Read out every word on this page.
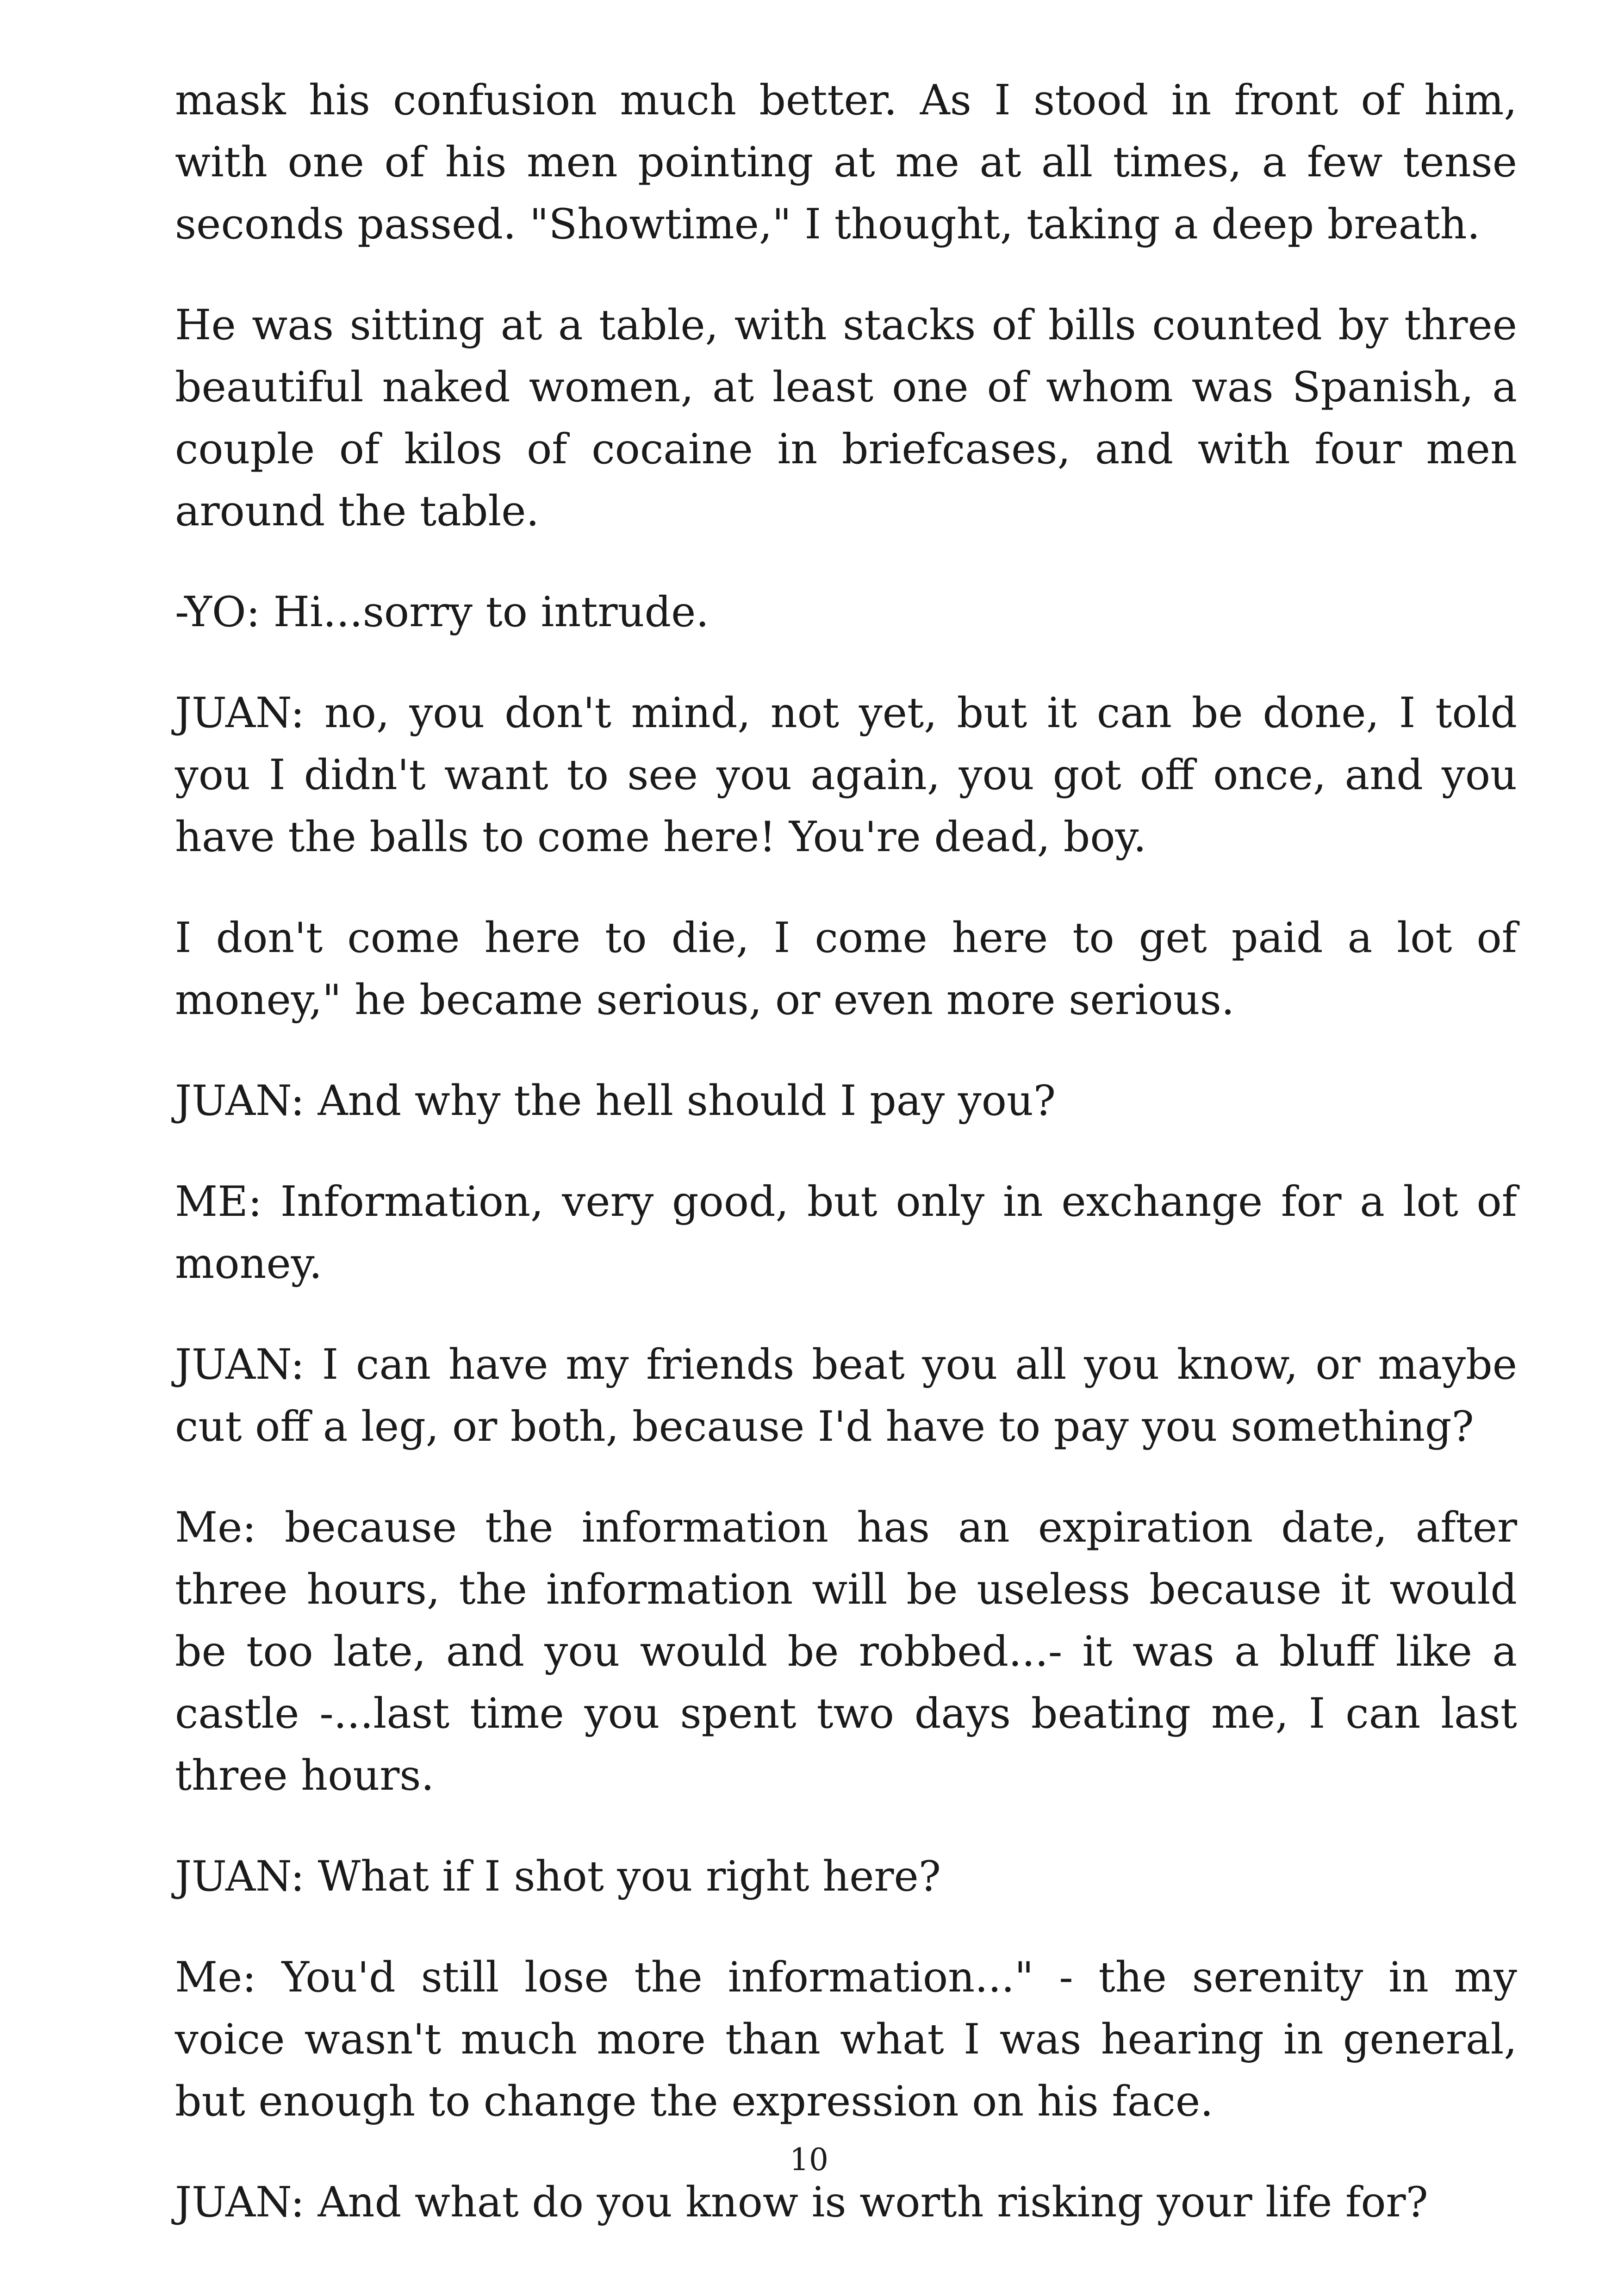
mask his confusion much better. As I stood in front of him, with one of his men pointing at me at all times, a few tense seconds passed. "Showtime," I thought, taking a deep breath.

He was sitting at a table, with stacks of bills counted by three beautiful naked women, at least one of whom was Spanish, a couple of kilos of cocaine in briefcases, and with four men around the table.

-YO: Hi...sorry to intrude.

JUAN: no, you don't mind, not yet, but it can be done, I told you I didn't want to see you again, you got off once, and you have the balls to come here! You're dead, boy.

I don't come here to die, I come here to get paid a lot of money," he became serious, or even more serious.

JUAN: And why the hell should I pay you?

ME: Information, very good, but only in exchange for a lot of money.

JUAN: I can have my friends beat you all you know, or maybe cut off a leg, or both, because I'd have to pay you something?

Me: because the information has an expiration date, after three hours, the information will be useless because it would be too late, and you would be robbed...- it was a bluff like a castle -...last time you spent two days beating me, I can last three hours.

JUAN: What if I shot you right here?

Me: You'd still lose the information..." - the serenity in my voice wasn't much more than what I was hearing in general, but enough to change the expression on his face.

JUAN: And what do you know is worth risking your life for?

10
